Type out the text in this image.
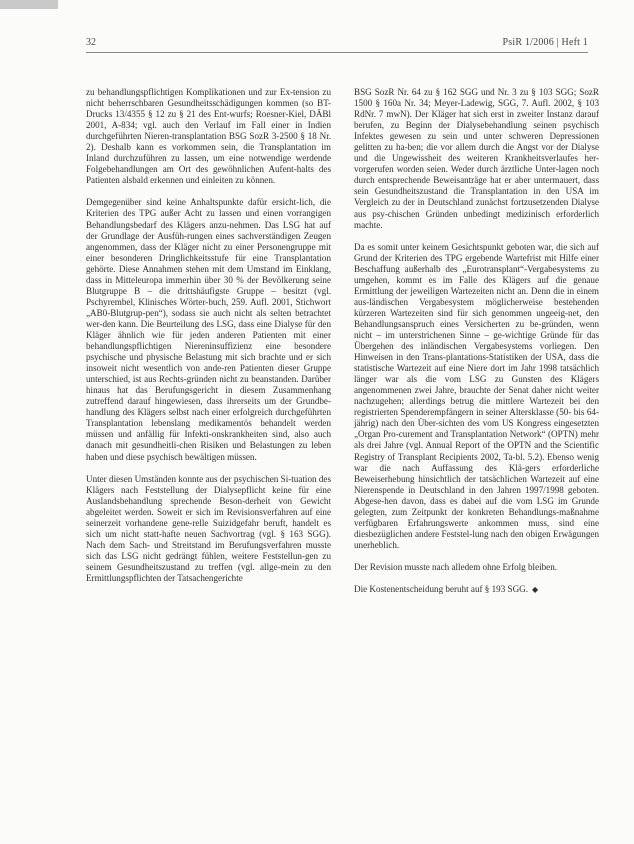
32	PsiR 1/2006 | Heft 1

zu behandlungspflichtigen Komplikationen und zur Ex-tension zu nicht beherrschbaren Gesundheitsschädigungen kommen (so BT-Drucks 13/4355 § 12 zu § 21 des Ent-wurfs; Roesner-Kiel, DÄBl 2001, A-834; vgl. auch den Verlauf im Fall einer in Indien durchgeführten Nieren-transplantation BSG SozR 3-2500 § 18 Nr. 2). Deshalb kann es vorkommen sein, die Transplantation im Inland durchzuführen zu lassen, um eine notwendige werdende Folgebehandlungen am Ort des gewöhnlichen Aufent-halts des Patienten alsbald erkennen und einleiten zu können.

Demgegenüber sind keine Anhaltspunkte dafür ersicht-lich, die Kriterien des TPG außer Acht zu lassen und einen vorrangigen Behandlungsbedarf des Klägers anzu-nehmen. Das LSG hat auf der Grundlage der Ausfüh-rungen eines sachverständigen Zeugen angenommen, dass der Kläger nicht zu einer Personengruppe mit einer besonderen Dringlichkeitsstufe für eine Transplantation gehörte. Diese Annahmen stehen mit dem Umstand im Einklang, dass in Mitteleuropa immerhin über 30 % der Bevölkerung seine Blutgruppe B – die drittshäufigste Gruppe – besitzt (vgl. Pschyrembel, Klinisches Wörter-buch, 259. Aufl. 2001, Stichwort „AB0-Blutgrup-pen“), sodass sie auch nicht als selten betrachtet wer-den kann. Die Beurteilung des LSG, dass eine Dialyse für den Kläger ähnlich wie für jeden anderen Patienten mit einer behandlungspflichtigen Niereninsuffizienz eine besondere psychische und physische Belastung mit sich brachte und er sich insoweit nicht wesentlich von ande-ren Patienten dieser Gruppe unterschied, ist aus Rechts-gründen nicht zu beanstanden. Darüber hinaus hat das Berufungsgericht in diesem Zusammenhang zutreffend darauf hingewiesen, dass ihrerseits um der Grundbe-handlung des Klägers selbst nach einer erfolgreich durchgeführten Transplantation lebenslang medikamentös behandelt werden müssen und anfällig für Infekti-onskrankheiten sind, also auch danach mit gesundheitli-chen Risiken und Belastungen zu leben haben und diese psychisch bewältigen müssen.

Unter diesen Umständen konnte aus der psychischen Si-tuation des Klägers nach Feststellung der Dialysepflicht keine für eine Auslandsbehandlung sprechende Beson-derheit von Gewicht abgeleitet werden. Soweit er sich im Revisionsverfahren auf eine seinerzeit vorhandene gene-relle Suizidgefahr beruft, handelt es sich um nicht statt-hafte neuen Sachvortrag (vgl. § 163 SGG). Nach dem Sach- und Streitstand im Berufungsverfahren musste sich das LSG nicht gedrängt fühlen, weitere Feststellun-gen zu seinem Gesundheitszustand zu treffen (vgl. allge-mein zu den Ermittlungspflichten der Tatsachengerichte

BSG SozR Nr. 64 zu § 162 SGG und Nr. 3 zu § 103 SGG; SozR 1500 § 160a Nr. 34; Meyer-Ladewig, SGG, 7. Aufl. 2002, § 103 RdNr. 7 mwN). Der Kläger hat sich erst in zweiter Instanz darauf berufen, zu Beginn der Dialysebehandlung seinen psychisch Infektes gewesen zu sein und unter schweren Depressionen gelitten zu ha-ben; die vor allem durch die Angst vor der Dialyse und die Ungewissheit des weiteren Krankheitsverlaufes her-vorgerufen worden seien. Weder durch ärztliche Unter-lagen noch durch entsprechende Beweisanträge hat er aber untermauert, dass sein Gesundheitszustand die Transplantation in den USA im Vergleich zu der in Deutschland zunächst fortzusetzenden Dialyse aus psy-chischen Gründen unbedingt medizinisch erforderlich machte.

Da es somit unter keinem Gesichtspunkt geboten war, die sich auf Grund der Kriterien des TPG ergebende Wartefrist mit Hilfe einer Beschaffung außerhalb des „Eurotransplant“-Vergabesystems zu umgehen, kommt es im Falle des Klägers auf die genaue Ermittlung der jeweiligen Wartezeiten nicht an. Denn die in einem aus-ländischen Vergabesystem möglicherweise bestehenden kürzeren Wartezeiten sind für sich genommen ungeeig-net, den Behandlungsanspruch eines Versicherten zu be-gründen, wenn nicht – im unterstrichenen Sinne – ge-wichtige Gründe für das Übergehen des inländischen Vergabesystems vorliegen. Den Hinweisen in den Trans-plantations-Statistiken der USA, dass die statistische Wartezeit auf eine Niere dort im Jahr 1998 tatsächlich länger war als die vom LSG zu Gunsten des Klägers angenommenen zwei Jahre, brauchte der Senat daher nicht weiter nachzugehen; allerdings betrug die mittlere Wartezeit bei den registrierten Spenderempfängern in seiner Altersklasse (50- bis 64-jährig) nach den Über-sichten des vom US Kongress eingesetzten „Organ Pro-curement and Transplantation Network“ (OPTN) mehr als drei Jahre (vgl. Annual Report of the OPTN and the Scientific Registry of Transplant Recipients 2002, Ta-bl. 5.2). Ebenso wenig war die nach Auffassung des Klä-gers erforderliche Beweiserhebung hinsichtlich der tatsächlichen Wartezeit auf eine Nierenspende in Deutschland in den Jahren 1997/1998 geboten. Abgese-hen davon, dass es dabei auf die vom LSG im Grunde gelegten, zum Zeitpunkt der konkreten Behandlungs-maßnahme verfügbaren Erfahrungswerte ankommen muss, sind eine diesbezüglichen andere Feststel-lung nach den obigen Erwägungen unerheblich.

Der Revision musste nach alledem ohne Erfolg bleiben.

Die Kostenentscheidung beruht auf § 193 SGG. ◆
